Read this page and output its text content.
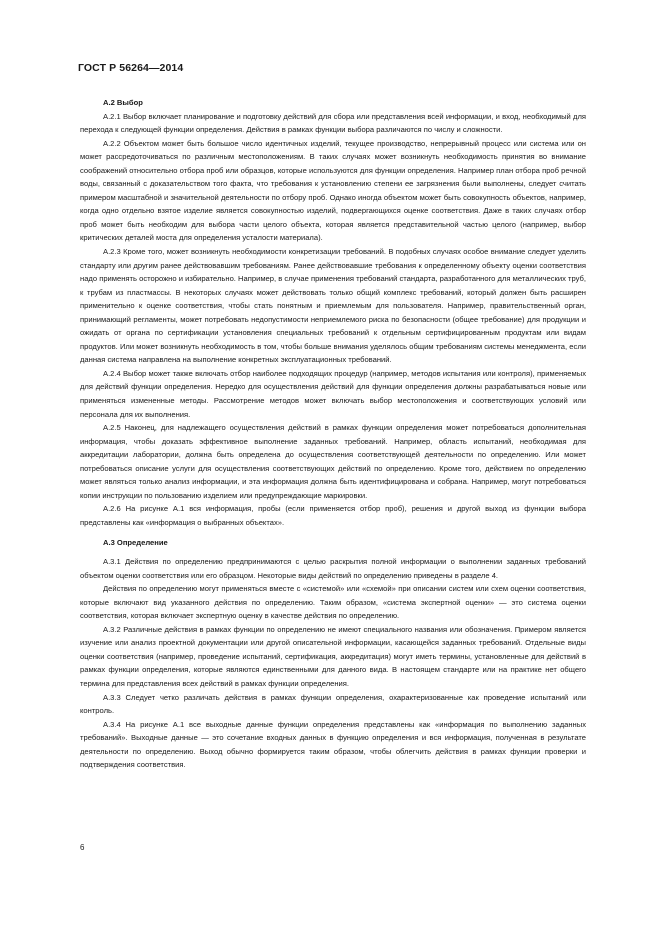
ГОСТ Р 56264—2014
А.2 Выбор

А.2.1 Выбор включает планирование и подготовку действий для сбора или представления всей информации, и вход, необходимый для перехода к следующей функции определения. Действия в рамках функции выбора различаются по числу и сложности.

А.2.2 Объектом может быть большое число идентичных изделий, текущее производство, непрерывный процесс или система или он может рассредоточиваться по различным местоположениям. В таких случаях может возникнуть необходимость принятия во внимание соображений относительно отбора проб или образцов, которые используются для функции определения. Например план отбора проб речной воды, связанный с доказательством того факта, что требования к установлению степени ее загрязнения были выполнены, следует считать примером масштабной и значительной деятельности по отбору проб. Однако иногда объектом может быть совокупность объектов, например, когда одно отдельно взятое изделие является совокупностью изделий, подвергающихся оценке соответствия. Даже в таких случаях отбор проб может быть необходим для выбора части целого объекта, которая является представительной частью целого (например, выбор критических деталей моста для определения усталости материала).

А.2.3 Кроме того, может возникнуть необходимости конкретизации требований. В подобных случаях особое внимание следует уделить стандарту или другим ранее действовавшим требованиям. Ранее действовавшие требования к определенному объекту оценки соответствия надо применять осторожно и избирательно. Например, в случае применения требований стандарта, разработанного для металлических труб, к трубам из пластмассы. В некоторых случаях может действовать только общий комплекс требований, который должен быть расширен применительно к оценке соответствия, чтобы стать понятным и приемлемым для пользователя. Например, правительственный орган, принимающий регламенты, может потребовать недопустимости неприемлемого риска по безопасности (общее требование) для продукции и ожидать от органа по сертификации установления специальных требований к отдельным сертифицированным продуктам или видам продуктов. Или может возникнуть необходимость в том, чтобы больше внимания уделялось общим требованиям системы менеджмента, если данная система направлена на выполнение конкретных эксплуатационных требований.

А.2.4 Выбор может также включать отбор наиболее подходящих процедур (например, методов испытания или контроля), применяемых для действий функции определения. Нередко для осуществления действий для функции определения должны разрабатываться новые или применяться измененные методы. Рассмотрение методов может включать выбор местоположения и соответствующих условий или персонала для их выполнения.

А.2.5 Наконец, для надлежащего осуществления действий в рамках функции определения может потребоваться дополнительная информация, чтобы доказать эффективное выполнение заданных требований. Например, область испытаний, необходимая для аккредитации лаборатории, должна быть определена до осуществления соответствующей деятельности по определению. Или может потребоваться описание услуги для осуществления соответствующих действий по определению. Кроме того, действием по определению может являться только анализ информации, и эта информация должна быть идентифицирована и собрана. Например, могут потребоваться копии инструкции по пользованию изделием или предупреждающие маркировки.

А.2.6 На рисунке А.1 вся информация, пробы (если применяется отбор проб), решения и другой выход из функции выбора представлены как «информация о выбранных объектах».

А.3 Определение

А.3.1 Действия по определению предпринимаются с целью раскрытия полной информации о выполнении заданных требований объектом оценки соответствия или его образцом. Некоторые виды действий по определению приведены в разделе 4.

Действия по определению могут применяться вместе с «системой» или «схемой» при описании систем или схем оценки соответствия, которые включают вид указанного действия по определению. Таким образом, «система экспертной оценки» — это система оценки соответствия, которая включает экспертную оценку в качестве действия по определению.

А.3.2 Различные действия в рамках функции по определению не имеют специального названия или обозначения. Примером является изучение или анализ проектной документации или другой описательной информации, касающейся заданных требований. Отдельные виды оценки соответствия (например, проведение испытаний, сертификация, аккредитация) могут иметь термины, установленные для действий в рамках функции определения, которые являются единственными для данного вида. В настоящем стандарте или на практике нет общего термина для представления всех действий в рамках функции определения.

А.3.3 Следует четко различать действия в рамках функции определения, охарактеризованные как проведение испытаний или контроль.

А.3.4 На рисунке А.1 все выходные данные функции определения представлены как «информация по выполнению заданных требований». Выходные данные — это сочетание входных данных в функцию определения и вся информация, полученная в результате деятельности по определению. Выход обычно формируется таким образом, чтобы облегчить действия в рамках функции проверки и подтверждения соответствия.

6
